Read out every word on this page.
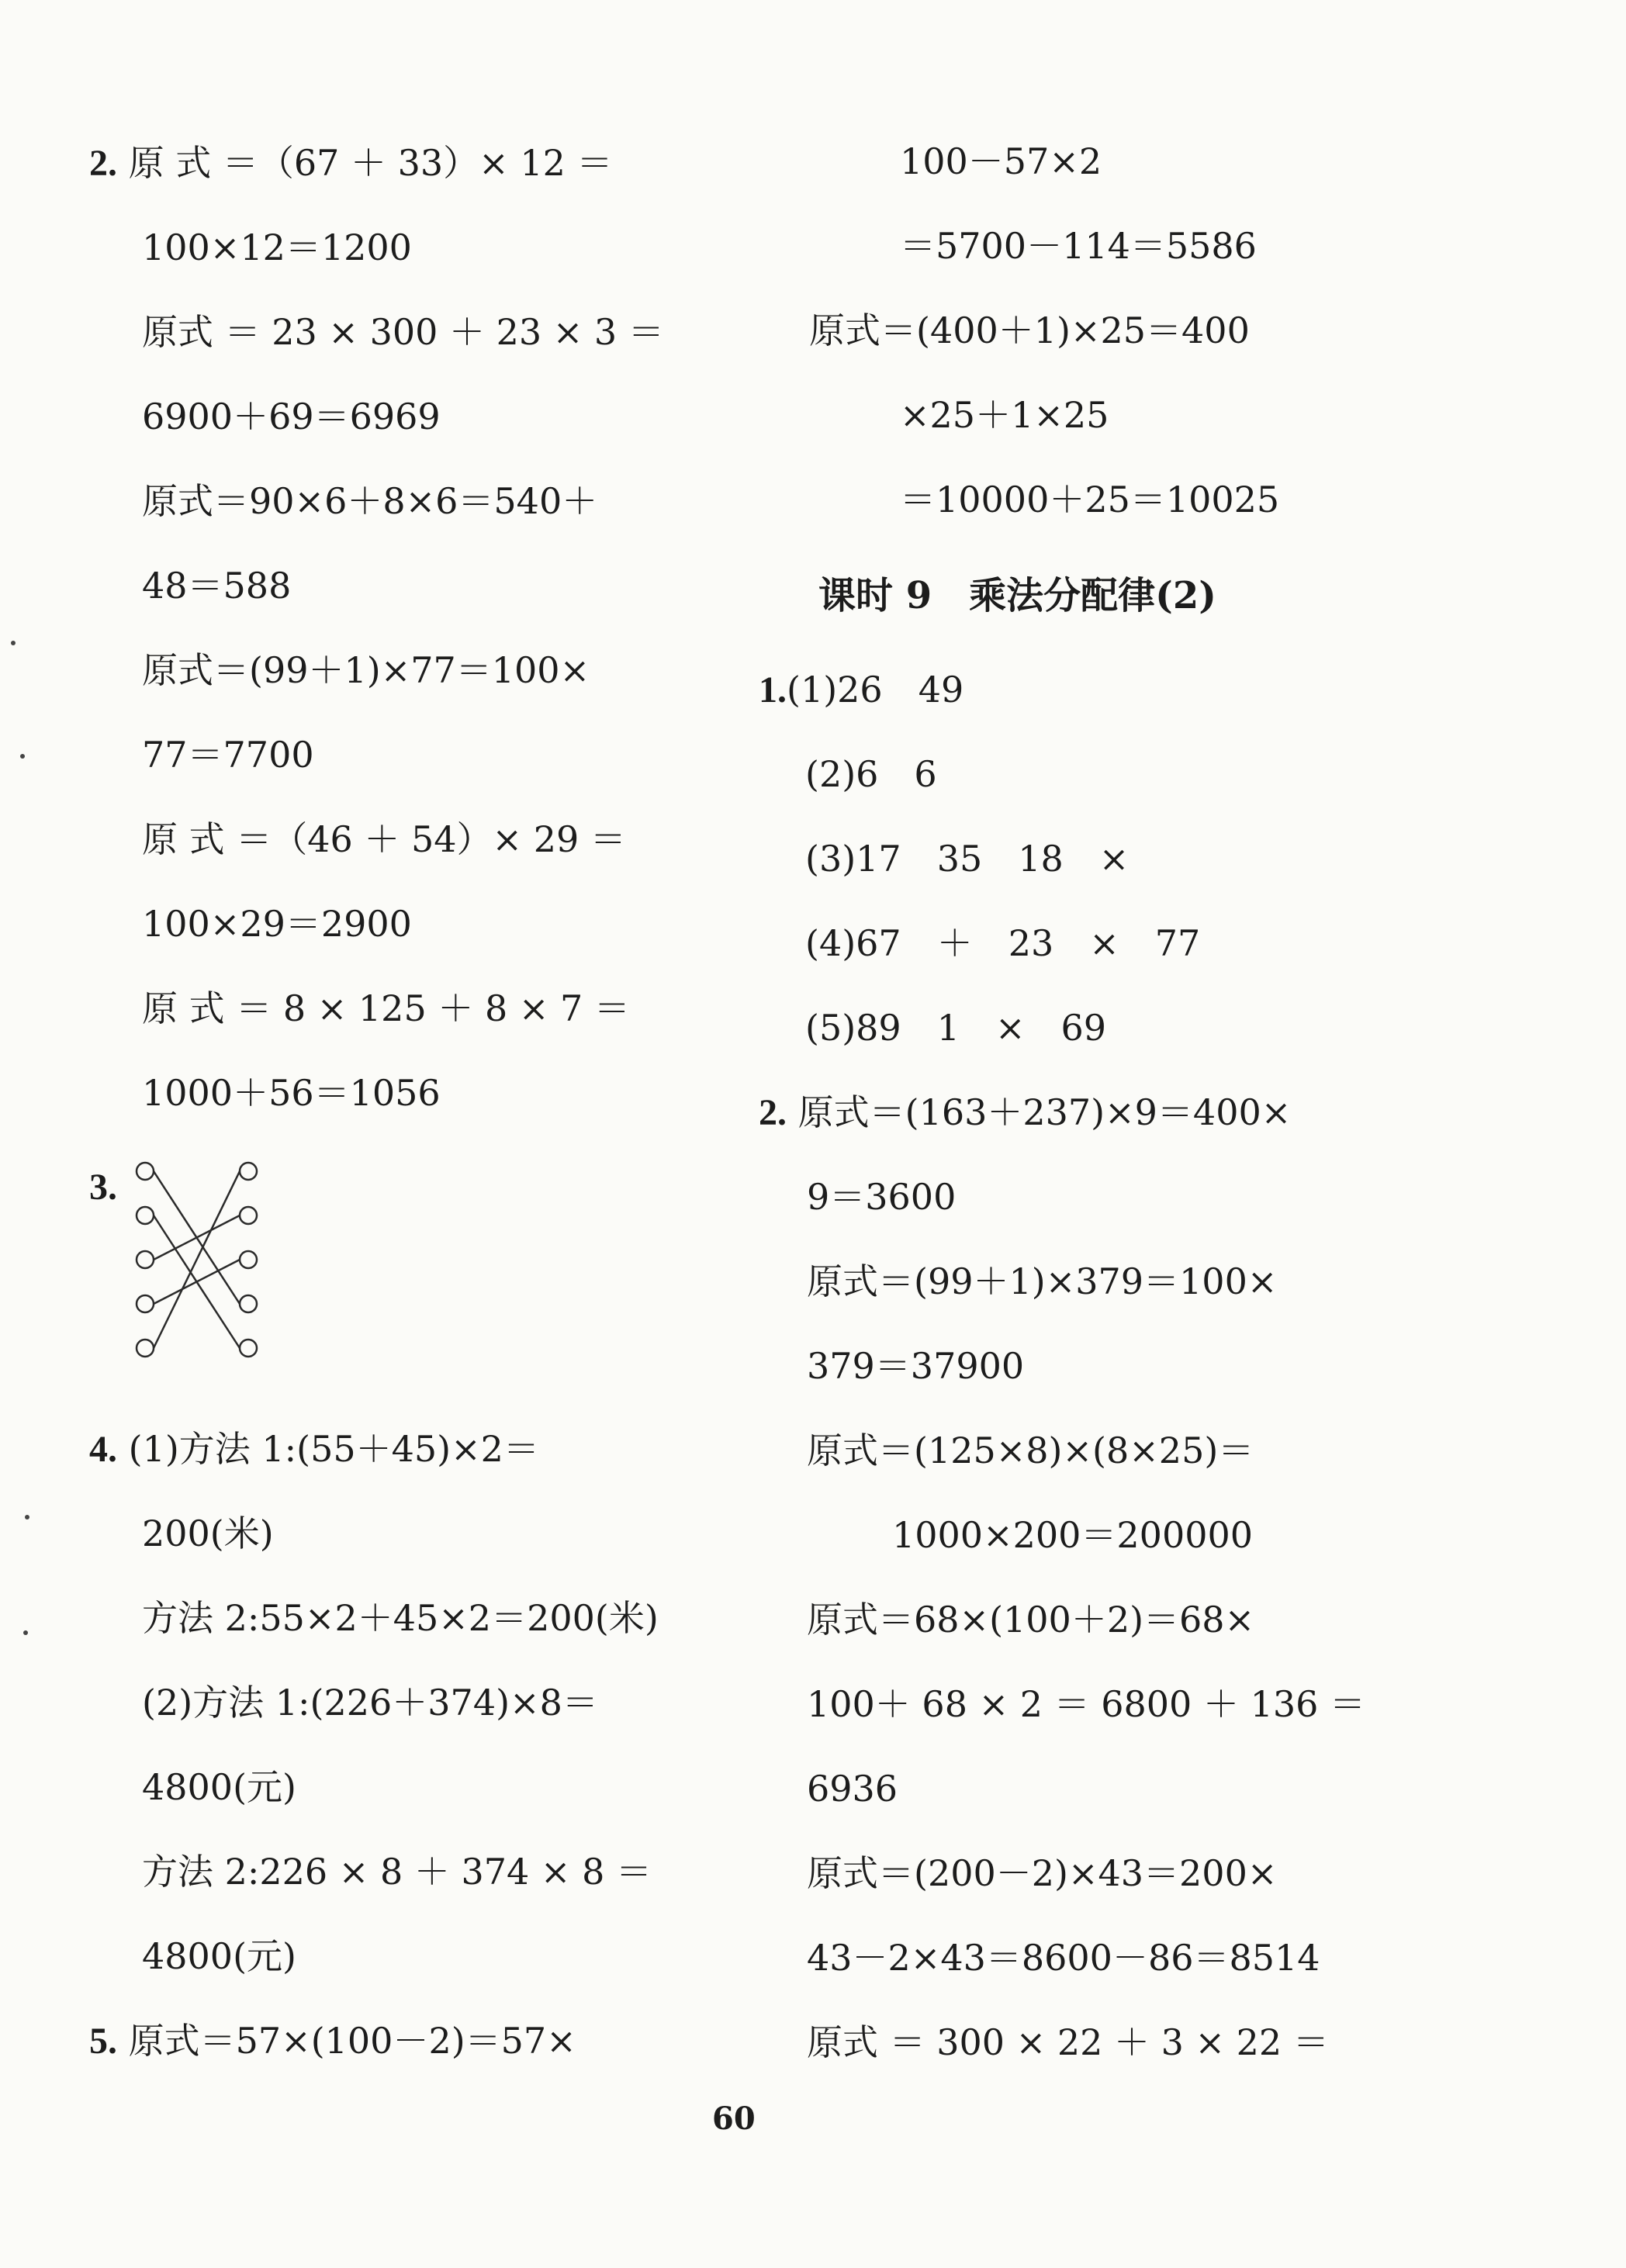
2. 原 式 ＝（67 ＋ 33）× 12 ＝
100×12＝1200
原式 ＝ 23 × 300 ＋ 23 × 3 ＝
6900＋69＝6969
原式＝90×6＋8×6＝540＋
48＝588
原式＝(99＋1)×77＝100×
77＝7700
原 式 ＝（46 ＋ 54）× 29 ＝
100×29＝2900
原 式 ＝ 8 × 125 ＋ 8 × 7 ＝
1000＋56＝1056
3.
4. (1)方法 1:(55＋45)×2＝
200(米)
方法 2:55×2＋45×2＝200(米)
(2)方法 1:(226＋374)×8＝
4800(元)
方法 2:226 × 8 ＋ 374 × 8 ＝
4800(元)
5. 原式＝57×(100－2)＝57×
100－57×2
＝5700－114＝5586
原式＝(400＋1)×25＝400
×25＋1×25
＝10000＋25＝10025
课时 9　乘法分配律(2)
1.(1)26　49
(2)6　6
(3)17　35　18　×
(4)67　＋　23　×　77
(5)89　1　×　69
2. 原式＝(163＋237)×9＝400×
9＝3600
原式＝(99＋1)×379＝100×
379＝37900
原式＝(125×8)×(8×25)＝
1000×200＝200000
原式＝68×(100＋2)＝68×
100＋ 68 × 2 ＝ 6800 ＋ 136 ＝
6936
原式＝(200－2)×43＝200×
43－2×43＝8600－86＝8514
原式 ＝ 300 × 22 ＋ 3 × 22 ＝
60
